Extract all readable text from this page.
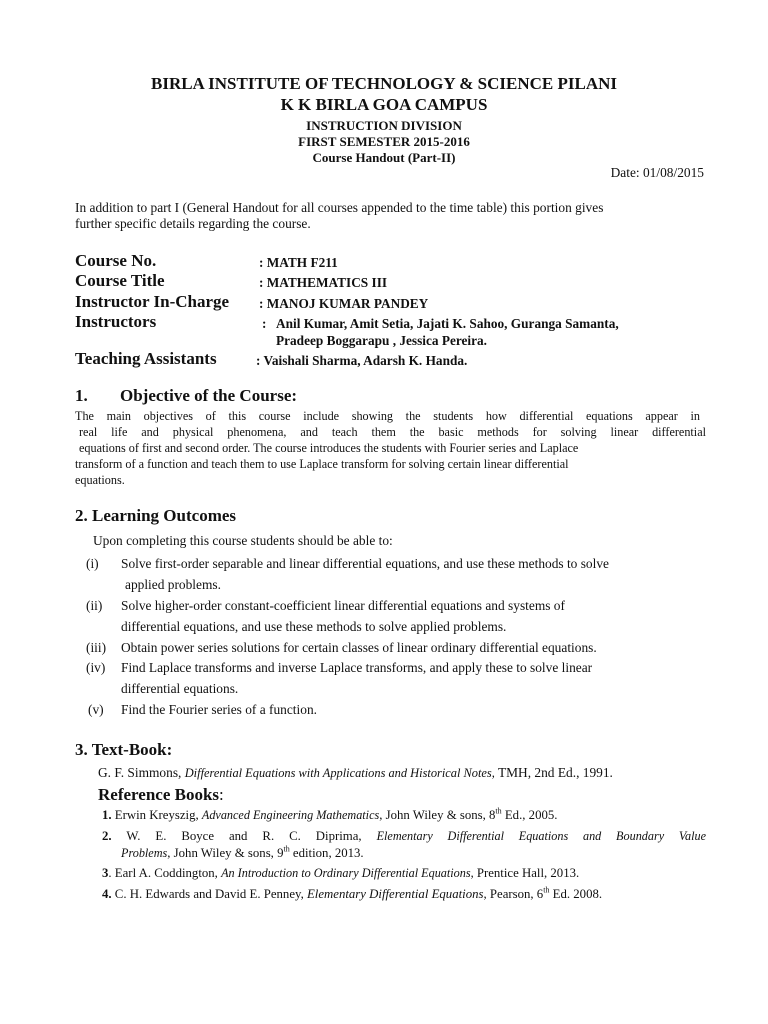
BIRLA INSTITUTE OF TECHNOLOGY & SCIENCE PILANI
K K BIRLA GOA CAMPUS
INSTRUCTION DIVISION
FIRST SEMESTER 2015-2016
Course Handout (Part-II)
Date: 01/08/2015
In addition to part I (General Handout for all courses appended to the time table) this portion gives
further specific details regarding the course.
Course No.	: MATH F211
Course Title	: MATHEMATICS III
Instructor In-Charge : MANOJ KUMAR PANDEY
Instructors	: Anil Kumar, Amit Setia, Jajati K. Sahoo, Guranga Samanta,
Pradeep Boggarapu , Jessica Pereira.
Teaching Assistants	: Vaishali Sharma, Adarsh K. Handa.
1. Objective of the Course:
The main objectives of this course include showing the students how differential equations appear in
real life and physical phenomena, and teach them the basic methods for solving linear differential
equations of first and second order. The course introduces the students with Fourier series and Laplace
transform of a function and teach them to use Laplace transform for solving certain linear differential
equations.
2. Learning Outcomes
Upon completing this course students should be able to:
(i) Solve first-order separable and linear differential equations, and use these methods to solve
applied problems.
(ii) Solve higher-order constant-coefficient linear differential equations and systems of
differential equations, and use these methods to solve applied problems.
(iii) Obtain power series solutions for certain classes of linear ordinary differential equations.
(iv) Find Laplace transforms and inverse Laplace transforms, and apply these to solve linear
differential equations.
(v) Find the Fourier series of a function.
3. Text-Book:
G. F. Simmons, Differential Equations with Applications and Historical Notes, TMH, 2nd Ed., 1991.
Reference Books:
1. Erwin Kreyszig, Advanced Engineering Mathematics, John Wiley & sons, 8th Ed., 2005.
2. W. E. Boyce and R. C. Diprima, Elementary Differential Equations and Boundary Value
Problems, John Wiley & sons, 9th edition, 2013.
3. Earl A. Coddington, An Introduction to Ordinary Differential Equations, Prentice Hall, 2013.
4. C. H. Edwards and David E. Penney, Elementary Differential Equations, Pearson, 6th Ed. 2008.
